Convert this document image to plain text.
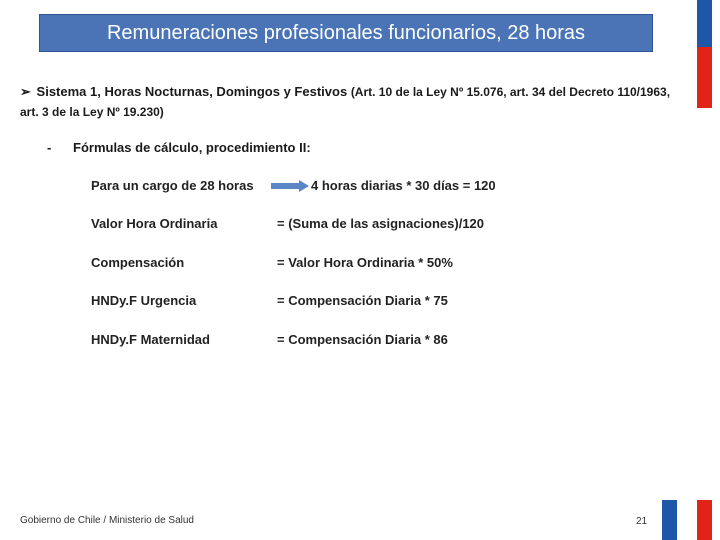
Remuneraciones profesionales funcionarios, 28 horas
➢ Sistema 1, Horas Nocturnas, Domingos y Festivos (Art. 10 de la Ley Nº 15.076, art. 34 del Decreto 110/1963, art. 3 de la Ley Nº 19.230)
- Fórmulas de cálculo, procedimiento II:
Para un cargo de 28 horas	4 horas diarias * 30 días = 120
Valor Hora Ordinaria	= (Suma de las asignaciones)/120
Compensación	= Valor Hora Ordinaria * 50%
HNDy.F Urgencia	= Compensación Diaria * 75
HNDy.F Maternidad	= Compensación Diaria * 86
Gobierno de Chile / Ministerio de Salud	21
